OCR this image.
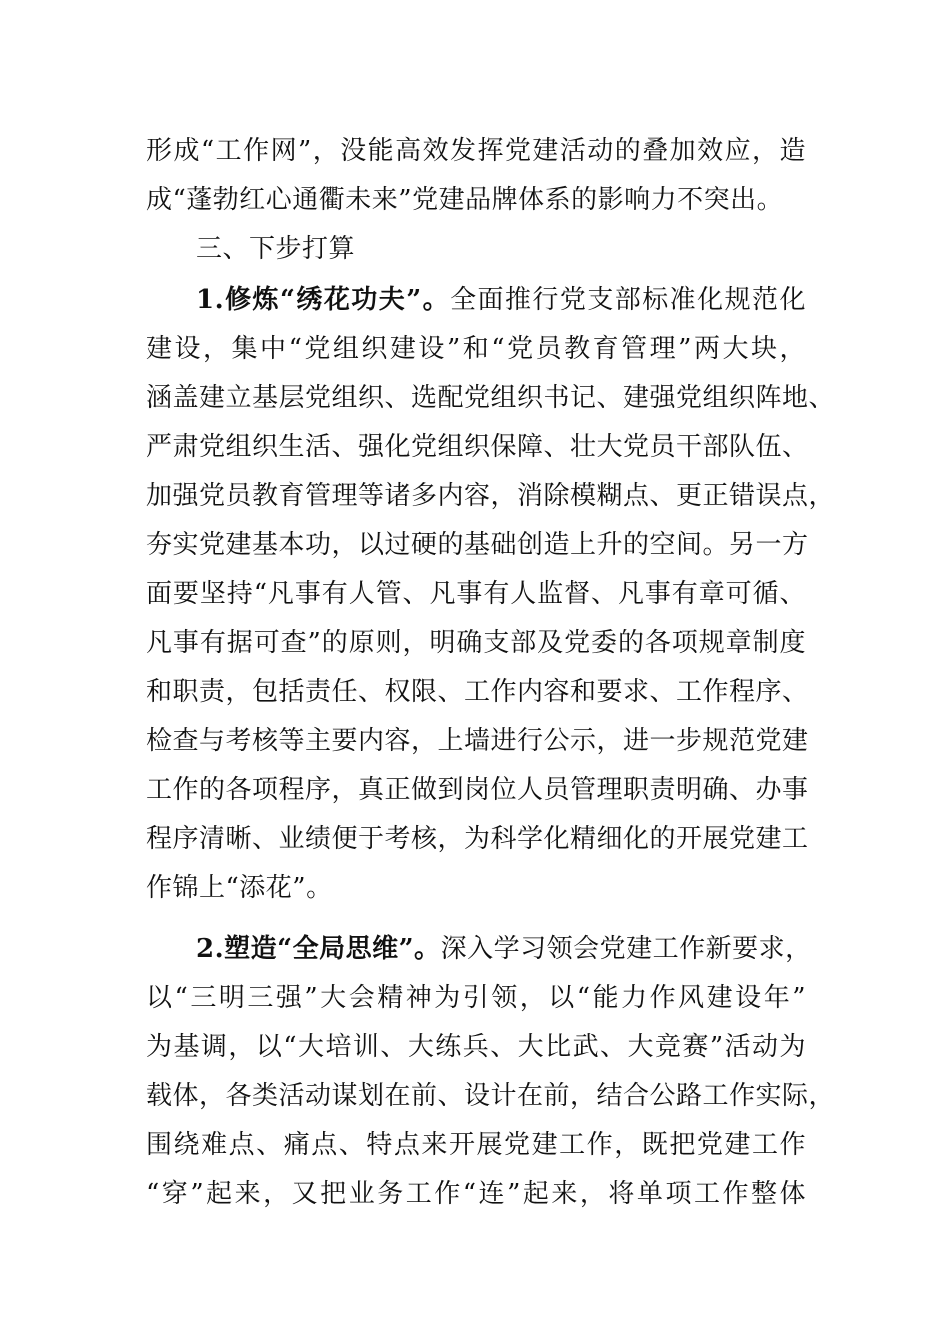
形成“工作网”，没能高效发挥党建活动的叠加效应，造
成“蓬勃红心通衢未来”党建品牌体系的影响力不突出。
三、下步打算
1.修炼“绣花功夫”。全面推行党支部标准化规范化
建设，集中“党组织建设”和“党员教育管理”两大块，
涵盖建立基层党组织、选配党组织书记、建强党组织阵地、
严肃党组织生活、强化党组织保障、壮大党员干部队伍、
加强党员教育管理等诸多内容，消除模糊点、更正错误点，
夯实党建基本功，以过硬的基础创造上升的空间。另一方
面要坚持“凡事有人管、凡事有人监督、凡事有章可循、
凡事有据可查”的原则，明确支部及党委的各项规章制度
和职责，包括责任、权限、工作内容和要求、工作程序、
检查与考核等主要内容，上墙进行公示，进一步规范党建
工作的各项程序，真正做到岗位人员管理职责明确、办事
程序清晰、业绩便于考核，为科学化精细化的开展党建工
作锦上“添花”。
2.塑造“全局思维”。深入学习领会党建工作新要求，
以“三明三强”大会精神为引领，以“能力作风建设年”
为基调，以“大培训、大练兵、大比武、大竞赛”活动为
载体，各类活动谋划在前、设计在前，结合公路工作实际，
围绕难点、痛点、特点来开展党建工作，既把党建工作
“穿”起来，又把业务工作“连”起来，将单项工作整体
